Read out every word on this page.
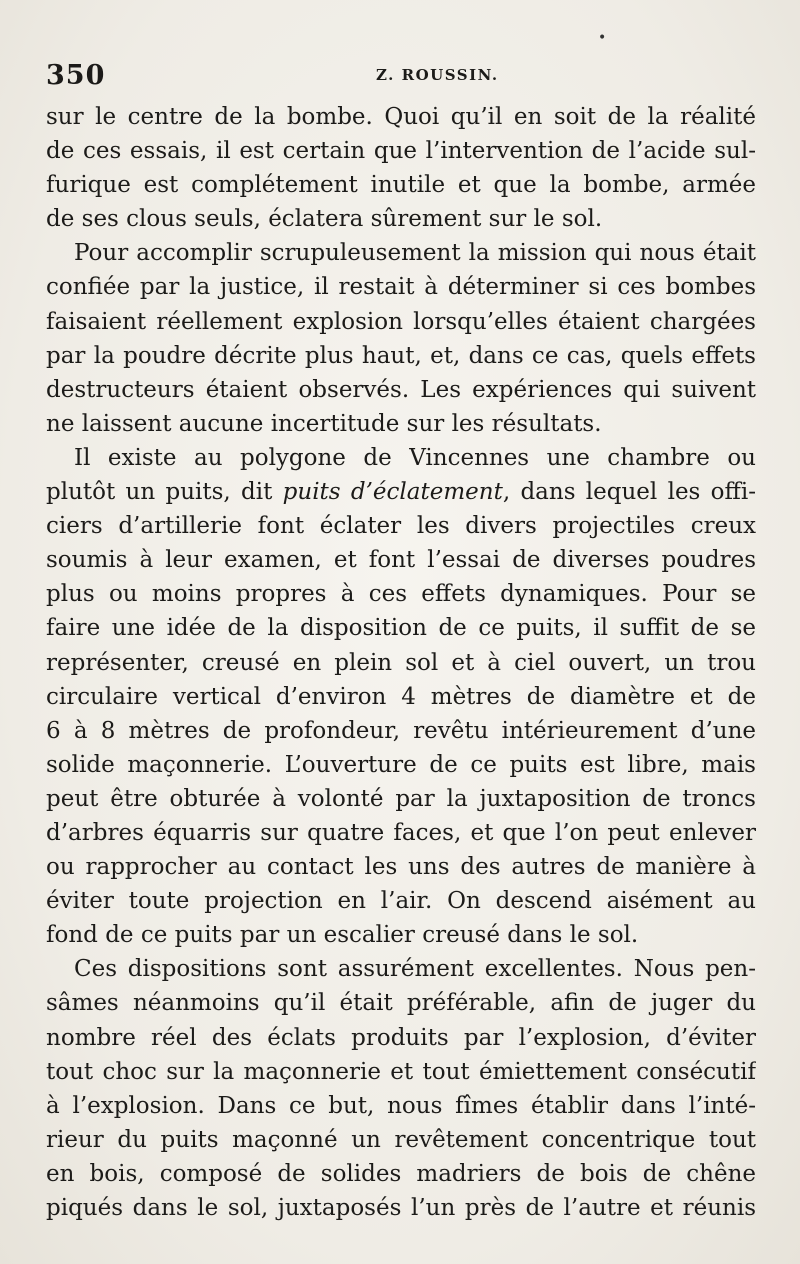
•
350	Z. ROUSSIN.
sur le centre de la bombe. Quoi qu’il en soit de la réalité
de ces essais, il est certain que l’intervention de l’acide sul-
furique est complétement inutile et que la bombe, armée
de ses clous seuls, éclatera sûrement sur le sol.
Pour accomplir scrupuleusement la mission qui nous était
confiée par la justice, il restait à déterminer si ces bombes
faisaient réellement explosion lorsqu’elles étaient chargées
par la poudre décrite plus haut, et, dans ce cas, quels effets
destructeurs étaient observés. Les expériences qui suivent
ne laissent aucune incertitude sur les résultats.
Il existe au polygone de Vincennes une chambre ou
plutôt un puits, dit puits d’éclatement, dans lequel les offi-
ciers d’artillerie font éclater les divers projectiles creux
soumis à leur examen, et font l’essai de diverses poudres
plus ou moins propres à ces effets dynamiques. Pour se
faire une idée de la disposition de ce puits, il suffit de se
représenter, creusé en plein sol et à ciel ouvert, un trou
circulaire vertical d’environ 4 mètres de diamètre et de
6 à 8 mètres de profondeur, revêtu intérieurement d’une
solide maçonnerie. L’ouverture de ce puits est libre, mais
peut être obturée à volonté par la juxtaposition de troncs
d’arbres équarris sur quatre faces, et que l’on peut enlever
ou rapprocher au contact les uns des autres de manière à
éviter toute projection en l’air. On descend aisément au
fond de ce puits par un escalier creusé dans le sol.
Ces dispositions sont assurément excellentes. Nous pen-
sâmes néanmoins qu’il était préférable, afin de juger du
nombre réel des éclats produits par l’explosion, d’éviter
tout choc sur la maçonnerie et tout émiettement consécutif
à l’explosion. Dans ce but, nous fîmes établir dans l’inté-
rieur du puits maçonné un revêtement concentrique tout
en bois, composé de solides madriers de bois de chêne
piqués dans le sol, juxtaposés l’un près de l’autre et réunis
